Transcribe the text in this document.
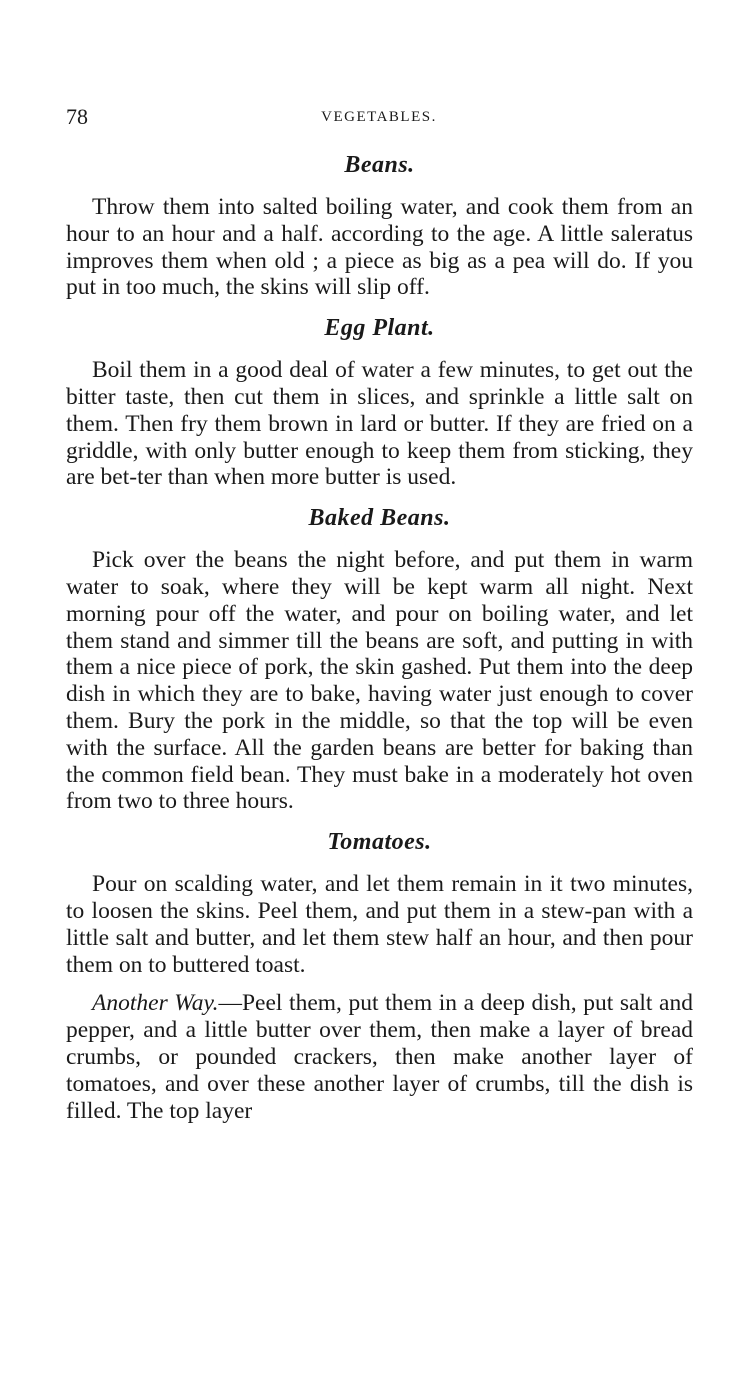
78	VEGETABLES.
Beans.

Throw them into salted boiling water, and cook them from an hour to an hour and a half. according to the age. A little saleratus improves them when old ; a piece as big as a pea will do. If you put in too much, the skins will slip off.

Egg Plant.

Boil them in a good deal of water a few minutes, to get out the bitter taste, then cut them in slices, and sprinkle a little salt on them. Then fry them brown in lard or butter. If they are fried on a griddle, with only butter enough to keep them from sticking, they are bet-ter than when more butter is used.

Baked Beans.

Pick over the beans the night before, and put them in warm water to soak, where they will be kept warm all night. Next morning pour off the water, and pour on boiling water, and let them stand and simmer till the beans are soft, and putting in with them a nice piece of pork, the skin gashed. Put them into the deep dish in which they are to bake, having water just enough to cover them. Bury the pork in the middle, so that the top will be even with the surface. All the garden beans are better for baking than the common field bean. They must bake in a moderately hot oven from two to three hours.

Tomatoes.

Pour on scalding water, and let them remain in it two minutes, to loosen the skins. Peel them, and put them in a stew-pan with a little salt and butter, and let them stew half an hour, and then pour them on to buttered toast.

Another Way.—Peel them, put them in a deep dish, put salt and pepper, and a little butter over them, then make a layer of bread crumbs, or pounded crackers, then make another layer of tomatoes, and over these another layer of crumbs, till the dish is filled. The top layer
